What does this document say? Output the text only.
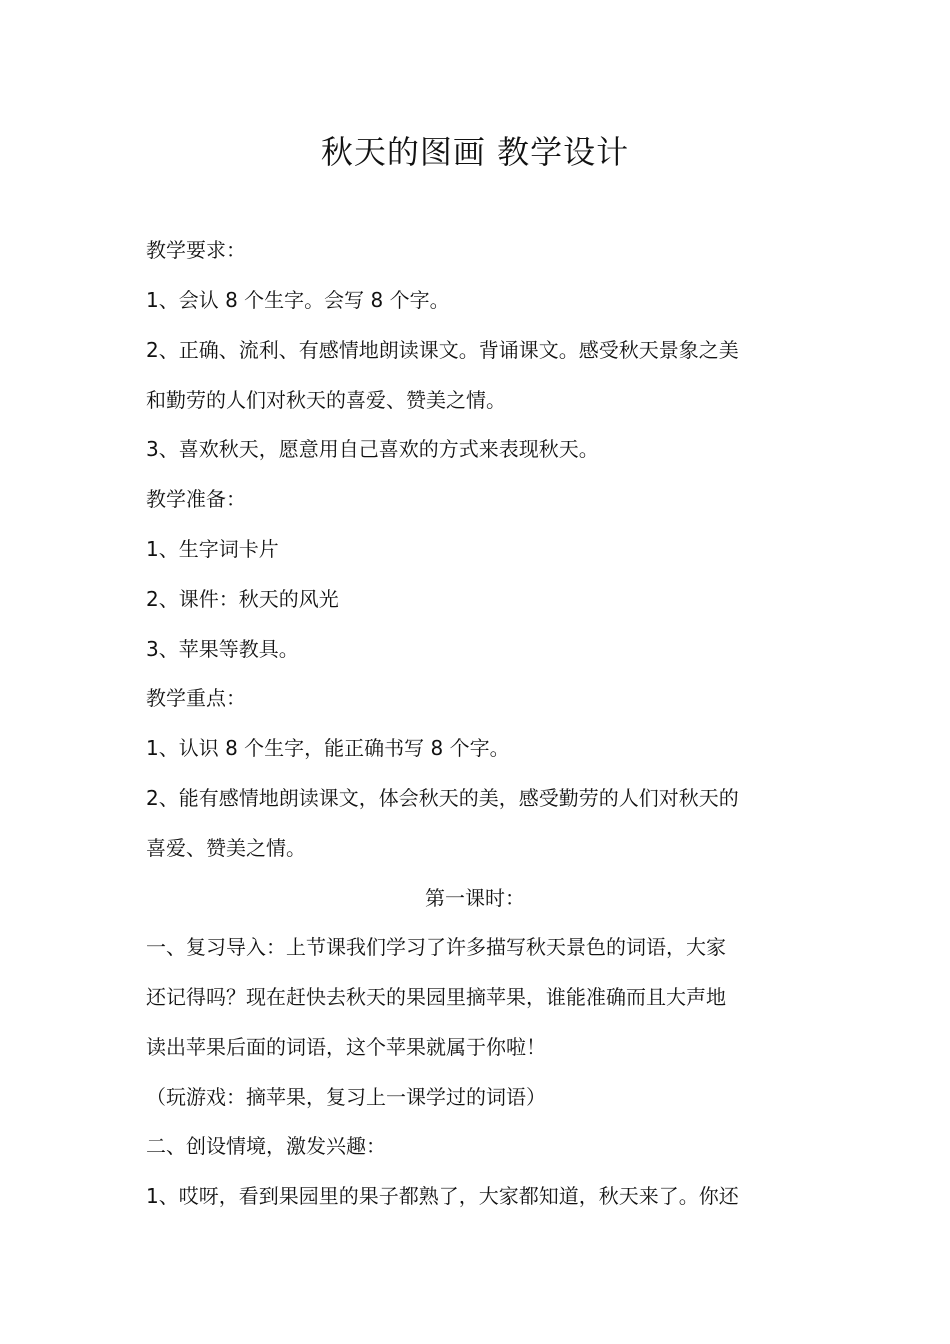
秋天的图画 教学设计
教学要求：
1、会认 8 个生字。会写 8 个字。
2、正确、流利、有感情地朗读课文。背诵课文。感受秋天景象之美
和勤劳的人们对秋天的喜爱、赞美之情。
3、喜欢秋天，愿意用自己喜欢的方式来表现秋天。
教学准备：
1、生字词卡片
2、课件：秋天的风光
3、苹果等教具。
教学重点：
1、认识 8 个生字，能正确书写 8 个字。
2、能有感情地朗读课文，体会秋天的美，感受勤劳的人们对秋天的
喜爱、赞美之情。
第一课时：
一、复习导入：上节课我们学习了许多描写秋天景色的词语，大家
还记得吗？现在赶快去秋天的果园里摘苹果，谁能准确而且大声地
读出苹果后面的词语，这个苹果就属于你啦！
（玩游戏：摘苹果，复习上一课学过的词语）
二、创设情境，激发兴趣：
1、哎呀，看到果园里的果子都熟了，大家都知道，秋天来了。你还
